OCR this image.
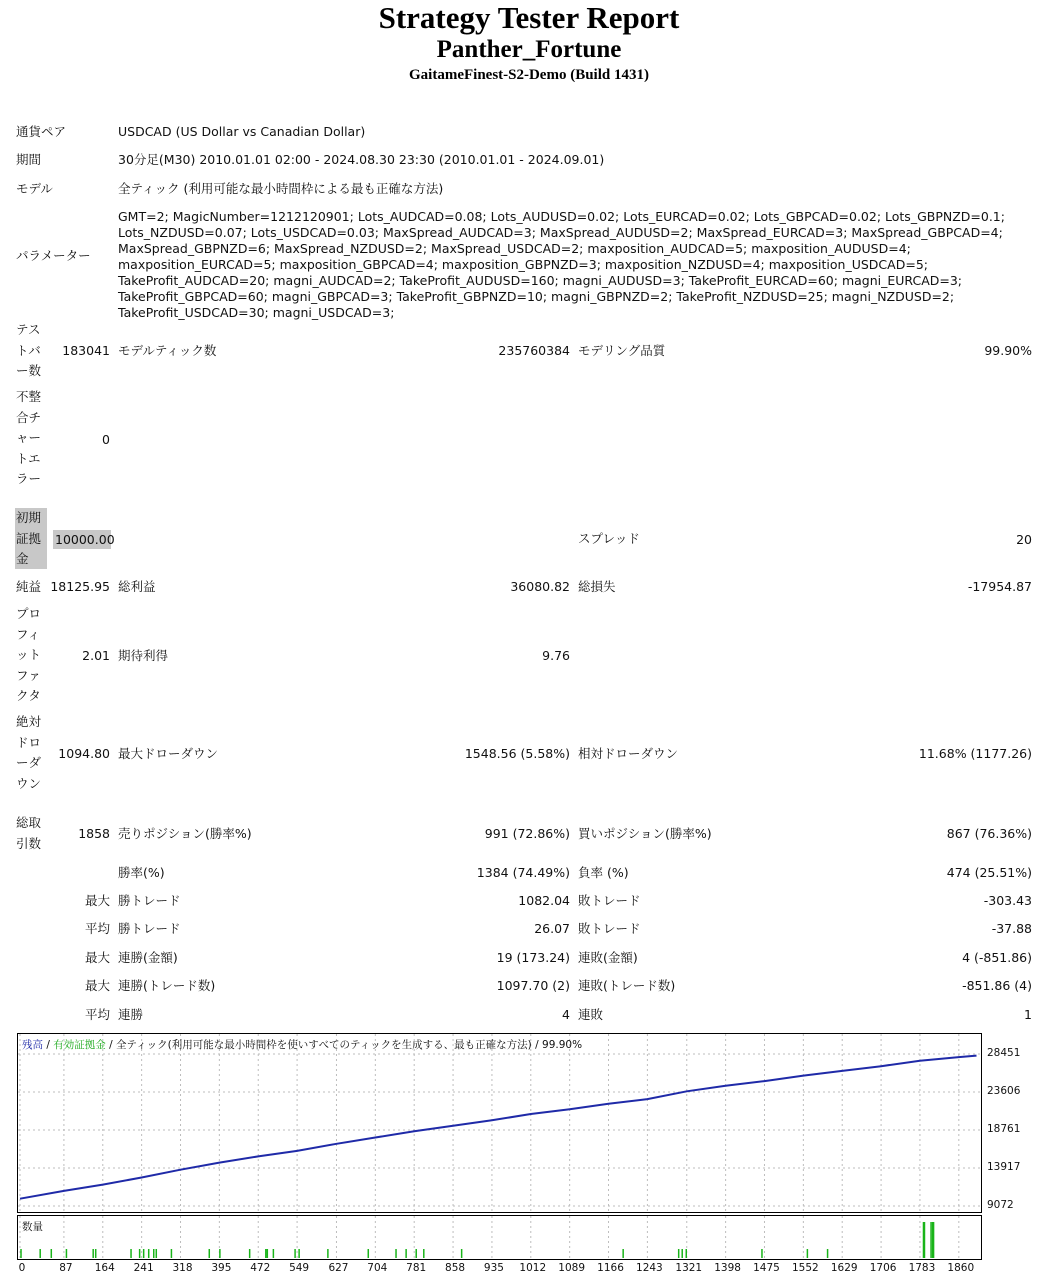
Strategy Tester Report
Panther_Fortune
GaitameFinest-S2-Demo (Build 1431)
通貨ペア	USDCAD (US Dollar vs Canadian Dollar)
期間	30分足(M30) 2010.01.01 02:00 - 2024.08.30 23:30 (2010.01.01 - 2024.09.01)
モデル	全ティック (利用可能な最小時間枠による最も正確な方法)
パラメーター
GMT=2; MagicNumber=1212120901; Lots_AUDCAD=0.08; Lots_AUDUSD=0.02; Lots_EURCAD=0.02; Lots_GBPCAD=0.02; Lots_GBPNZD=0.1; Lots_NZDUSD=0.07; Lots_USDCAD=0.03; MaxSpread_AUDCAD=3; MaxSpread_AUDUSD=2; MaxSpread_EURCAD=3; MaxSpread_GBPCAD=4; MaxSpread_GBPNZD=6; MaxSpread_NZDUSD=2; MaxSpread_USDCAD=2; maxposition_AUDCAD=5; maxposition_AUDUSD=4; maxposition_EURCAD=5; maxposition_GBPCAD=4; maxposition_GBPNZD=3; maxposition_NZDUSD=4; maxposition_USDCAD=5; TakeProfit_AUDCAD=20; magni_AUDCAD=2; TakeProfit_AUDUSD=160; magni_AUDUSD=3; TakeProfit_EURCAD=60; magni_EURCAD=3; TakeProfit_GBPCAD=60; magni_GBPCAD=3; TakeProfit_GBPNZD=10; magni_GBPNZD=2; TakeProfit_NZDUSD=25; magni_NZDUSD=2; TakeProfit_USDCAD=30; magni_USDCAD=3;
テストバー数
183041 モデルティック数	235760384 モデリング品質	99.90%
不整合チャートエラー
0
初期証拠金
10000.00	スプレッド	20
純益 18125.95 総利益	36080.82 総損失	-17954.87
プロフィットファクタ
2.01 期待利得	9.76
絶対ドローダウン
1094.80 最大ドローダウン	1548.56 (5.58%) 相対ドローダウン	11.68% (1177.26)
総取引数
1858 売りポジション(勝率%)	991 (72.86%) 買いポジション(勝率%)	867 (76.36%)
勝率(%)	1384 (74.49%) 負率 (%)	474 (25.51%)
最大 勝トレード	1082.04 敗トレード	-303.43
平均 勝トレード	26.07 敗トレード	-37.88
最大 連勝(金額)	19 (173.24) 連敗(金額)	4 (-851.86)
最大 連勝(トレード数)	1097.70 (2) 連敗(トレード数)	-851.86 (4)
平均 連勝	4 連敗	1
残高 / 有効証拠金 / 全ティック(利用可能な最小時間枠を使いすべてのティックを生成する、最も正確な方法) / 99.90%
28451
23606
18761
13917
9072
数量
0	87 164 241 318 395 472 549 627 704 781 858 935 1012 1089 1166 1243 1321 1398 1475 1552 1629 1706 1783 1860
